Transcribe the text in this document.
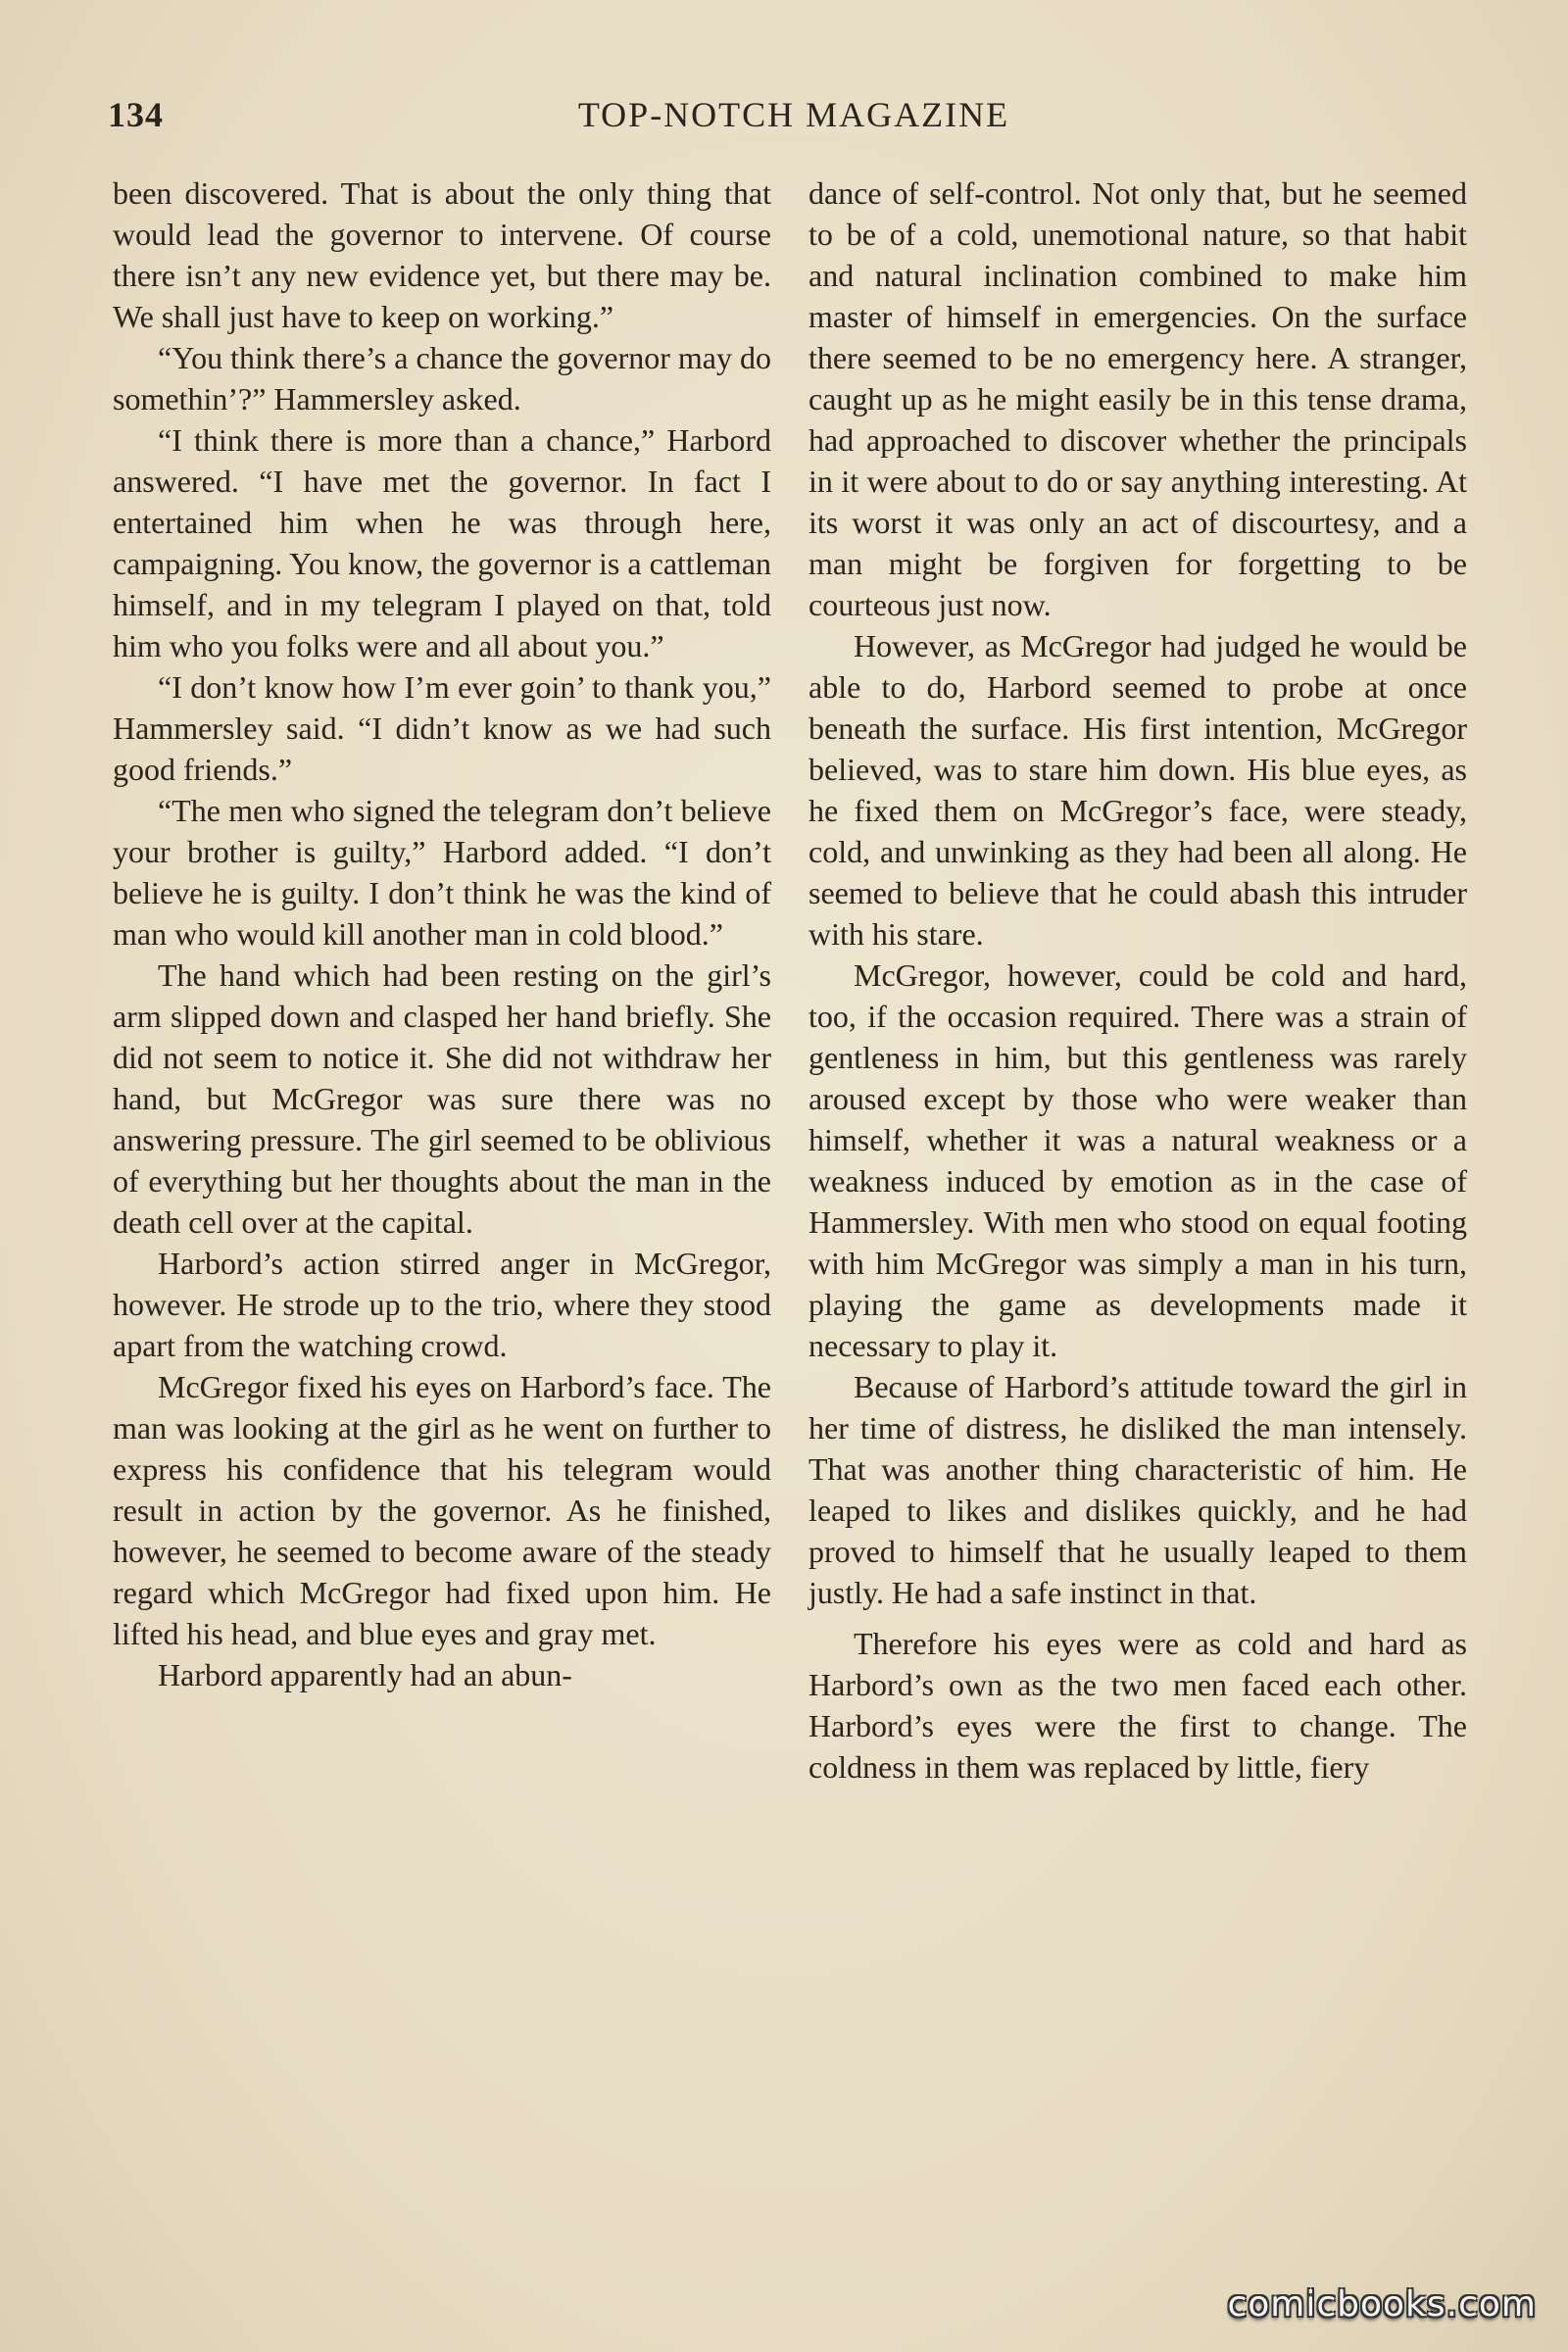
134	TOP-NOTCH MAGAZINE

been discovered. That is about the only thing that would lead the governor to intervene. Of course there isn’t any new evidence yet, but there may be. We shall just have to keep on working.”

“You think there’s a chance the governor may do somethin’?” Hammersley asked.

“I think there is more than a chance,” Harbord answered. “I have met the governor. In fact I entertained him when he was through here, campaigning. You know, the governor is a cattleman himself, and in my telegram I played on that, told him who you folks were and all about you.”

“I don’t know how I’m ever goin’ to thank you,” Hammersley said. “I didn’t know as we had such good friends.”

“The men who signed the telegram don’t believe your brother is guilty,” Harbord added. “I don’t believe he is guilty. I don’t think he was the kind of man who would kill another man in cold blood.”

The hand which had been resting on the girl’s arm slipped down and clasped her hand briefly. She did not seem to notice it. She did not withdraw her hand, but McGregor was sure there was no answering pressure. The girl seemed to be oblivious of everything but her thoughts about the man in the death cell over at the capital.

Harbord’s action stirred anger in McGregor, however. He strode up to the trio, where they stood apart from the watching crowd.

McGregor fixed his eyes on Harbord’s face. The man was looking at the girl as he went on further to express his confidence that his telegram would result in action by the governor. As he finished, however, he seemed to become aware of the steady regard which McGregor had fixed upon him. He lifted his head, and blue eyes and gray met.

Harbord apparently had an abun-

dance of self-control. Not only that, but he seemed to be of a cold, unemotional nature, so that habit and natural inclination combined to make him master of himself in emergencies. On the surface there seemed to be no emergency here. A stranger, caught up as he might easily be in this tense drama, had approached to discover whether the principals in it were about to do or say anything interesting. At its worst it was only an act of discourtesy, and a man might be forgiven for forgetting to be courteous just now.

However, as McGregor had judged he would be able to do, Harbord seemed to probe at once beneath the surface. His first intention, McGregor believed, was to stare him down. His blue eyes, as he fixed them on McGregor’s face, were steady, cold, and unwinking as they had been all along. He seemed to believe that he could abash this intruder with his stare.

McGregor, however, could be cold and hard, too, if the occasion required. There was a strain of gentleness in him, but this gentleness was rarely aroused except by those who were weaker than himself, whether it was a natural weakness or a weakness induced by emotion as in the case of Hammersley. With men who stood on equal footing with him McGregor was simply a man in his turn, playing the game as developments made it necessary to play it.

Because of Harbord’s attitude toward the girl in her time of distress, he disliked the man intensely. That was another thing characteristic of him. He leaped to likes and dislikes quickly, and he had proved to himself that he usually leaped to them justly. He had a safe instinct in that.

Therefore his eyes were as cold and hard as Harbord’s own as the two men faced each other. Harbord’s eyes were the first to change. The coldness in them was replaced by little, fiery

comicbooks.com
